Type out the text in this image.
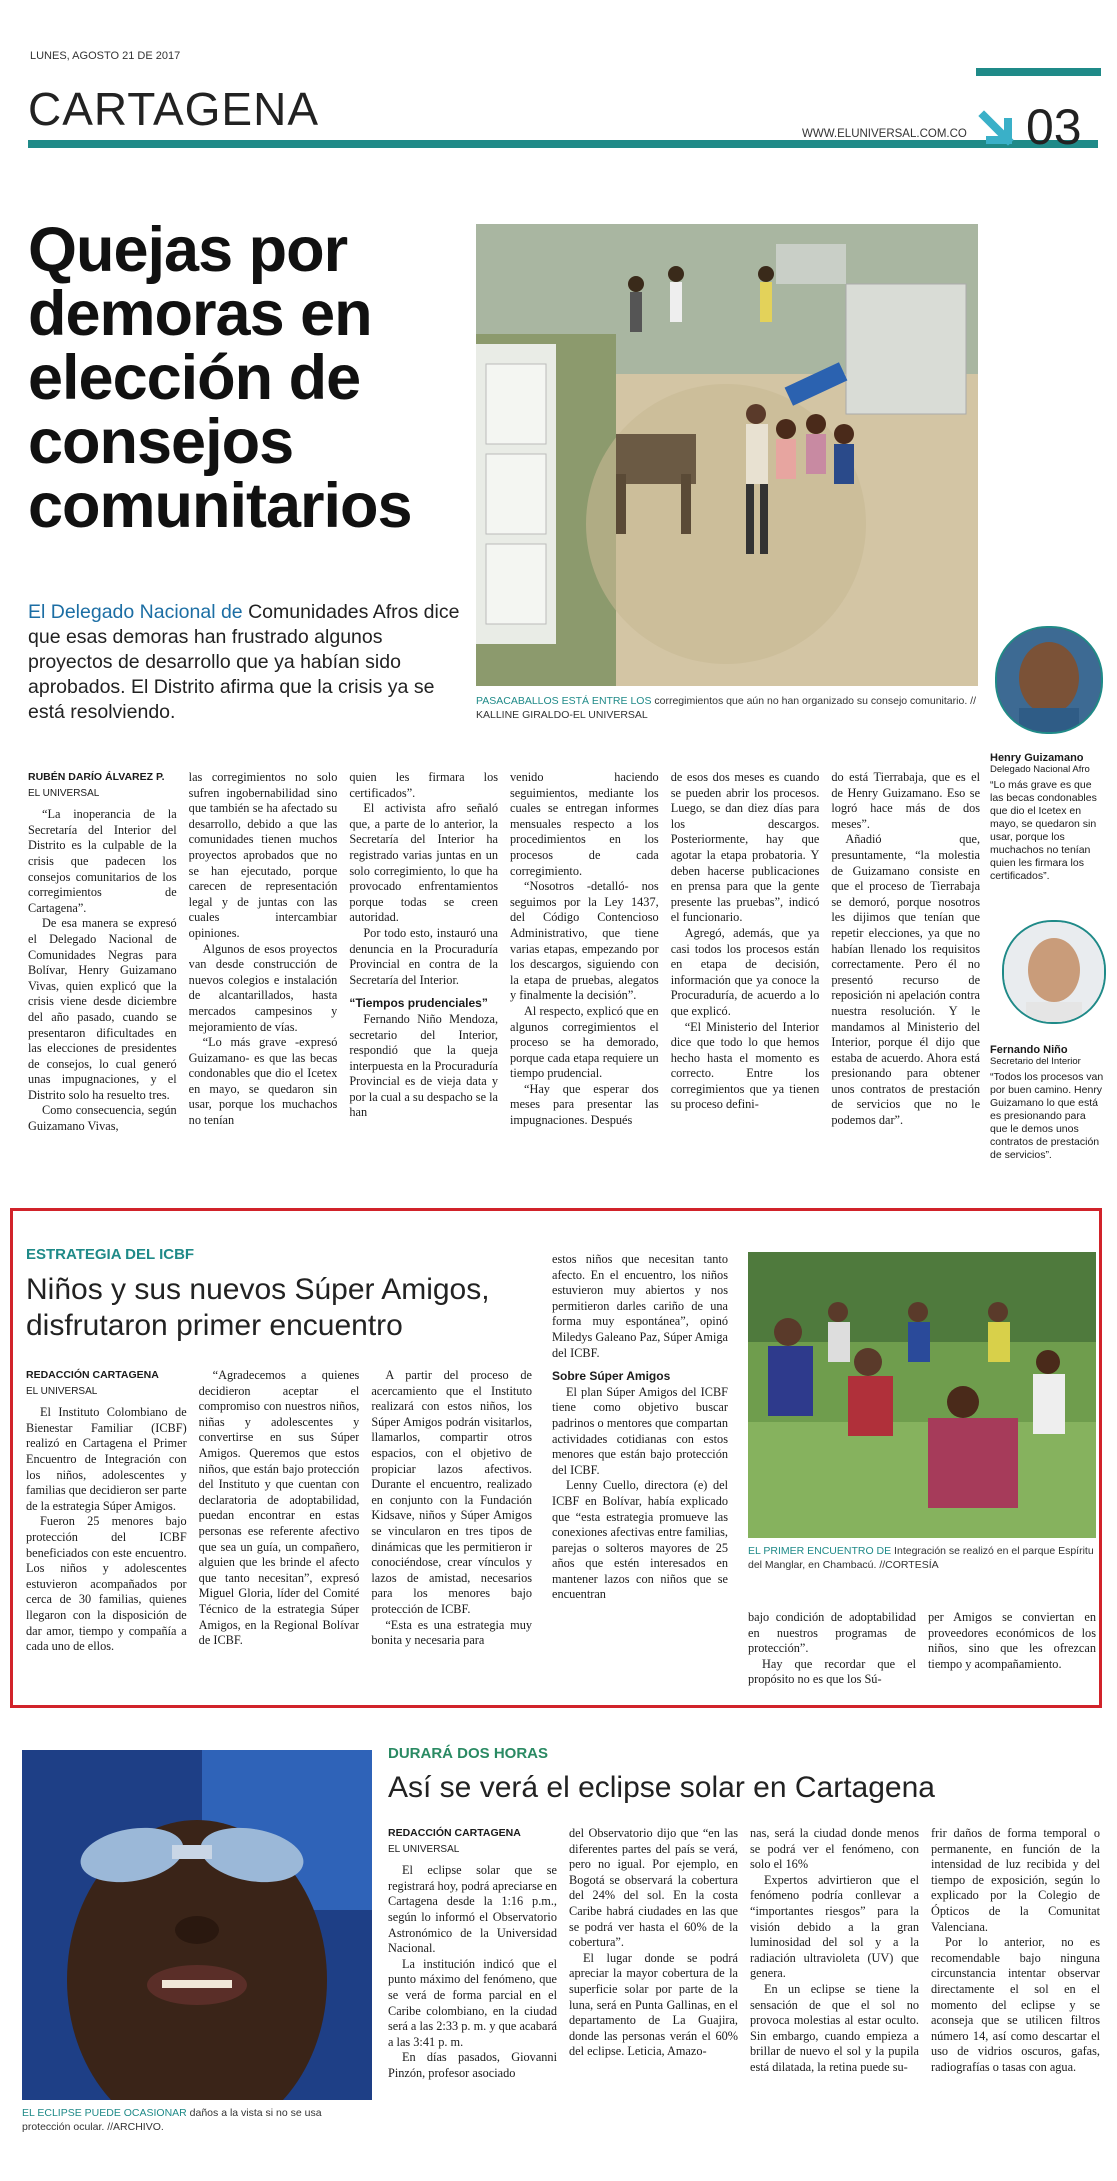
LUNES, AGOSTO 21 DE 2017
CARTAGENA	WWW.ELUNIVERSAL.COM.CO 03
Quejas por demoras en elección de consejos comunitarios
El Delegado Nacional de Comunidades Afros dice que esas demoras han frustrado algunos proyectos de desarrollo que ya habían sido aprobados. El Distrito afirma que la crisis ya se está resolviendo.	PASACABALLOS ESTÁ ENTRE LOS corregimientos que aún no han organizado su consejo comunitario. // KALLINE GIRALDO-EL UNIVERSAL
Henry Guizamano
Delegado Nacional Afro
“Lo más grave es que las becas condonables que dio el Icetex en mayo, se quedaron sin usar, porque los muchachos no tenían quien les firmara los certificados”.
Fernando Niño
Secretario del Interior
“Todos los procesos van por buen camino. Henry Guizamano lo que está es presionando para que le demos unos contratos de prestación de servicios”.

RUBÉN DARÍO ÁLVAREZ P.

EL UNIVERSAL

“La inoperancia de la Secretaría del Interior del Distrito es la culpable de la crisis que padecen los consejos comunitarios de los corregimientos de Cartagena”.

De esa manera se expresó el Delegado Nacional de Comunidades Negras para Bolívar, Henry Guizamano Vivas, quien explicó que la crisis viene desde diciembre del año pasado, cuando se presentaron dificultades en las elecciones de presidentes de consejos, lo cual generó unas impugnaciones, y el Distrito solo ha resuelto tres.

Como consecuencia, según Guizamano Vivas,

las corregimientos no solo sufren ingobernabilidad sino que también se ha afectado su desarrollo, debido a que las comunidades tienen muchos proyectos aprobados que no se han ejecutado, porque carecen de representación legal y de juntas con las cuales intercambiar opiniones.

Algunos de esos proyectos van desde construcción de nuevos colegios e instalación de alcantarillados, hasta mercados campesinos y mejoramiento de vías.

“Lo más grave -expresó Guizamano- es que las becas condonables que dio el Icetex en mayo, se quedaron sin usar, porque los muchachos no tenían

quien les firmara los certificados”.

El activista afro señaló que, a parte de lo anterior, la Secretaría del Interior ha registrado varias juntas en un solo corregimiento, lo que ha provocado enfrentamientos porque todas se creen autoridad.

Por todo esto, instauró una denuncia en la Procuraduría Provincial en contra de la Secretaría del Interior.

“Tiempos prudenciales”

Fernando Niño Mendoza, secretario del Interior, respondió que la queja interpuesta en la Procuraduría Provincial es de vieja data y por la cual a su despacho se la han

venido haciendo seguimientos, mediante los cuales se entregan informes mensuales respecto a los procedimientos en los procesos de cada corregimiento.

“Nosotros -detalló- nos seguimos por la Ley 1437, del Código Contencioso Administrativo, que tiene varias etapas, empezando por los descargos, siguiendo con la etapa de pruebas, alegatos y finalmente la decisión”.

Al respecto, explicó que en algunos corregimientos el proceso se ha demorado, porque cada etapa requiere un tiempo prudencial.

“Hay que esperar dos meses para presentar las impugnaciones. Después

de esos dos meses es cuando se pueden abrir los procesos. Luego, se dan diez días para los descargos. Posteriormente, hay que agotar la etapa probatoria. Y deben hacerse publicaciones en prensa para que la gente presente las pruebas”, indicó el funcionario.

Agregó, además, que ya casi todos los procesos están en etapa de decisión, información que ya conoce la Procuraduría, de acuerdo a lo que explicó.

“El Ministerio del Interior dice que todo lo que hemos hecho hasta el momento es correcto. Entre los corregimientos que ya tienen su proceso defini-

do está Tierrabaja, que es el de Henry Guizamano. Eso se logró hace más de dos meses”.

Añadió que, presuntamente, “la molestia de Guizamano consiste en que el proceso de Tierrabaja se demoró, porque nosotros les dijimos que tenían que repetir elecciones, ya que no habían llenado los requisitos correctamente. Pero él no presentó recurso de reposición ni apelación contra nuestra resolución. Y le mandamos al Ministerio del Interior, porque él dijo que estaba de acuerdo. Ahora está presionando para obtener unos contratos de prestación de servicios que no le podemos dar”.

ESTRATEGIA DEL ICBF
Niños y sus nuevos Súper Amigos, disfrutaron primer encuentro

REDACCIÓN CARTAGENA

EL UNIVERSAL

El Instituto Colombiano de Bienestar Familiar (ICBF) realizó en Cartagena el Primer Encuentro de Integración con los niños, adolescentes y familias que decidieron ser parte de la estrategia Súper Amigos.

Fueron 25 menores bajo protección del ICBF beneficiados con este encuentro. Los niños y adolescentes estuvieron acompañados por cerca de 30 familias, quienes llegaron con la disposición de dar amor, tiempo y compañía a cada uno de ellos.

“Agradecemos a quienes decidieron aceptar el compromiso con nuestros niños, niñas y adolescentes y convertirse en sus Súper Amigos. Queremos que estos niños, que están bajo protección del Instituto y que cuentan con declaratoria de adoptabilidad, puedan encontrar en estas personas ese referente afectivo que sea un guía, un compañero, alguien que les brinde el afecto que tanto necesitan”, expresó Miguel Gloria, líder del Comité Técnico de la estrategia Súper Amigos, en la Regional Bolívar de ICBF.

A partir del proceso de acercamiento que el Instituto realizará con estos niños, los Súper Amigos podrán visitarlos, llamarlos, compartir otros espacios, con el objetivo de propiciar lazos afectivos. Durante el encuentro, realizado en conjunto con la Fundación Kidsave, niños y Súper Amigos se vincularon en tres tipos de dinámicas que les permitieron ir conociéndose, crear vínculos y lazos de amistad, necesarios para los menores bajo protección de ICBF.

“Esta es una estrategia muy bonita y necesaria para

estos niños que necesitan tanto afecto. En el encuentro, los niños estuvieron muy abiertos y nos permitieron darles cariño de una forma muy espontánea”, opinó Miledys Galeano Paz, Súper Amiga del ICBF.

Sobre Súper Amigos

El plan Súper Amigos del ICBF tiene como objetivo buscar padrinos o mentores que compartan actividades cotidianas con estos menores que están bajo protección del ICBF.

Lenny Cuello, directora (e) del ICBF en Bolívar, había explicado que “esta estrategia promueve las conexiones afectivas entre familias, parejas o solteros mayores de 25 años que estén interesados en mantener lazos con niños que se encuentran

EL PRIMER ENCUENTRO DE Integración se realizó en el parque Espíritu del Manglar, en Chambacú. //CORTESÍA

bajo condición de adoptabilidad en nuestros programas de protección”.

Hay que recordar que el propósito no es que los Sú-

per Amigos se conviertan en proveedores económicos de los niños, sino que les ofrezcan tiempo y acompañamiento.

EL ECLIPSE PUEDE OCASIONAR daños a la vista si no se usa protección ocular. //ARCHIVO.
DURARÁ DOS HORAS
Así se verá el eclipse solar en Cartagena

REDACCIÓN CARTAGENA

EL UNIVERSAL

El eclipse solar que se registrará hoy, podrá apreciarse en Cartagena desde la 1:16 p.m., según lo informó el Observatorio Astronómico de la Universidad Nacional.

La institución indicó que el punto máximo del fenómeno, que se verá de forma parcial en el Caribe colombiano, en la ciudad será a las 2:33 p. m. y que acabará a las 3:41 p. m.

En días pasados, Giovanni Pinzón, profesor asociado

del Observatorio dijo que “en las diferentes partes del país se verá, pero no igual. Por ejemplo, en Bogotá se observará la cobertura del 24% del sol. En la costa Caribe habrá ciudades en las que se podrá ver hasta el 60% de la cobertura”.

El lugar donde se podrá apreciar la mayor cobertura de la superficie solar por parte de la luna, será en Punta Gallinas, en el departamento de La Guajira, donde las personas verán el 60% del eclipse. Leticia, Amazo-

nas, será la ciudad donde menos se podrá ver el fenómeno, con solo el 16%

Expertos advirtieron que el fenómeno podría conllevar a “importantes riesgos” para la visión debido a la gran luminosidad del sol y a la radiación ultravioleta (UV) que genera.

En un eclipse se tiene la sensación de que el sol no provoca molestias al estar oculto. Sin embargo, cuando empieza a brillar de nuevo el sol y la pupila está dilatada, la retina puede su-

frir daños de forma temporal o permanente, en función de la intensidad de luz recibida y del tiempo de exposición, según lo explicado por la Colegio de Ópticos de la Comunitat Valenciana.

Por lo anterior, no es recomendable bajo ninguna circunstancia intentar observar directamente el sol en el momento del eclipse y se aconseja que se utilicen filtros número 14, así como descartar el uso de vidrios oscuros, gafas, radiografías o tasas con agua.
